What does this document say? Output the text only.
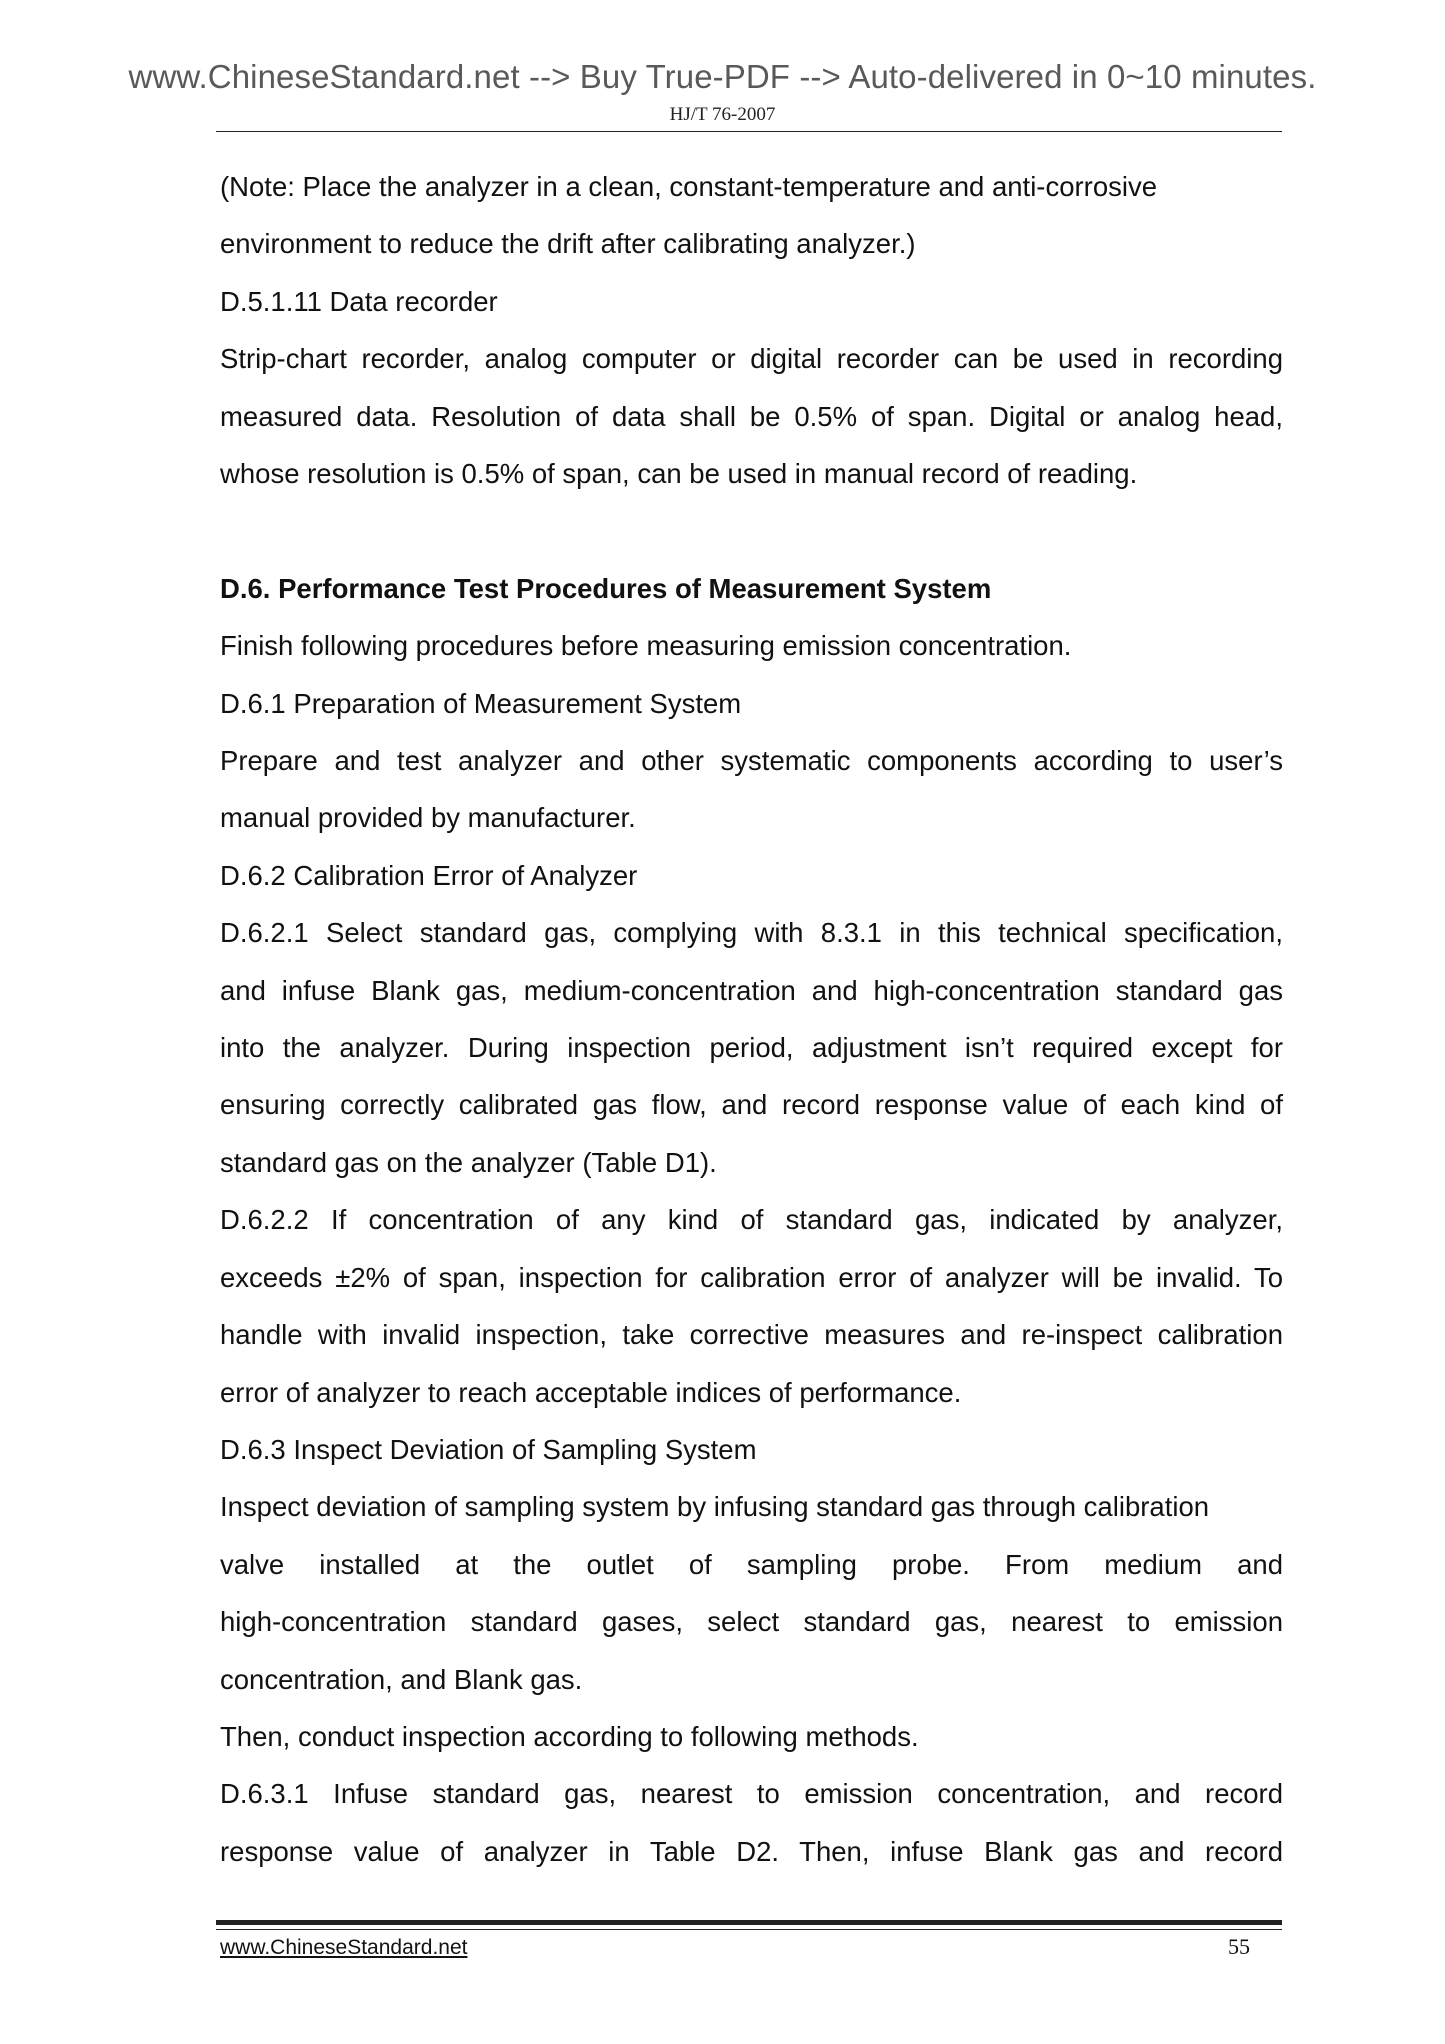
www.ChineseStandard.net --> Buy True-PDF --> Auto-delivered in 0~10 minutes.
HJ/T 76-2007

(Note: Place the analyzer in a clean, constant-temperature and anti-corrosive

environment to reduce the drift after calibrating analyzer.)

D.5.1.11 Data recorder

Strip-chart recorder, analog computer or digital recorder can be used in recording

measured data. Resolution of data shall be 0.5% of span. Digital or analog head,

whose resolution is 0.5% of span, can be used in manual record of reading.

D.6. Performance Test Procedures of Measurement System

Finish following procedures before measuring emission concentration.

D.6.1 Preparation of Measurement System

Prepare and test analyzer and other systematic components according to user’s

manual provided by manufacturer.

D.6.2 Calibration Error of Analyzer

D.6.2.1 Select standard gas, complying with 8.3.1 in this technical specification,

and infuse Blank gas, medium-concentration and high-concentration standard gas

into the analyzer. During inspection period, adjustment isn’t required except for

ensuring correctly calibrated gas flow, and record response value of each kind of

standard gas on the analyzer (Table D1).

D.6.2.2 If concentration of any kind of standard gas, indicated by analyzer,

exceeds ±2% of span, inspection for calibration error of analyzer will be invalid. To

handle with invalid inspection, take corrective measures and re-inspect calibration

error of analyzer to reach acceptable indices of performance.

D.6.3 Inspect Deviation of Sampling System

Inspect deviation of sampling system by infusing standard gas through calibration

valve installed at the outlet of sampling probe. From medium and

high-concentration standard gases, select standard gas, nearest to emission

concentration, and Blank gas.

Then, conduct inspection according to following methods.

D.6.3.1 Infuse standard gas, nearest to emission concentration, and record

response value of analyzer in Table D2. Then, infuse Blank gas and record

www.ChineseStandard.net	55
